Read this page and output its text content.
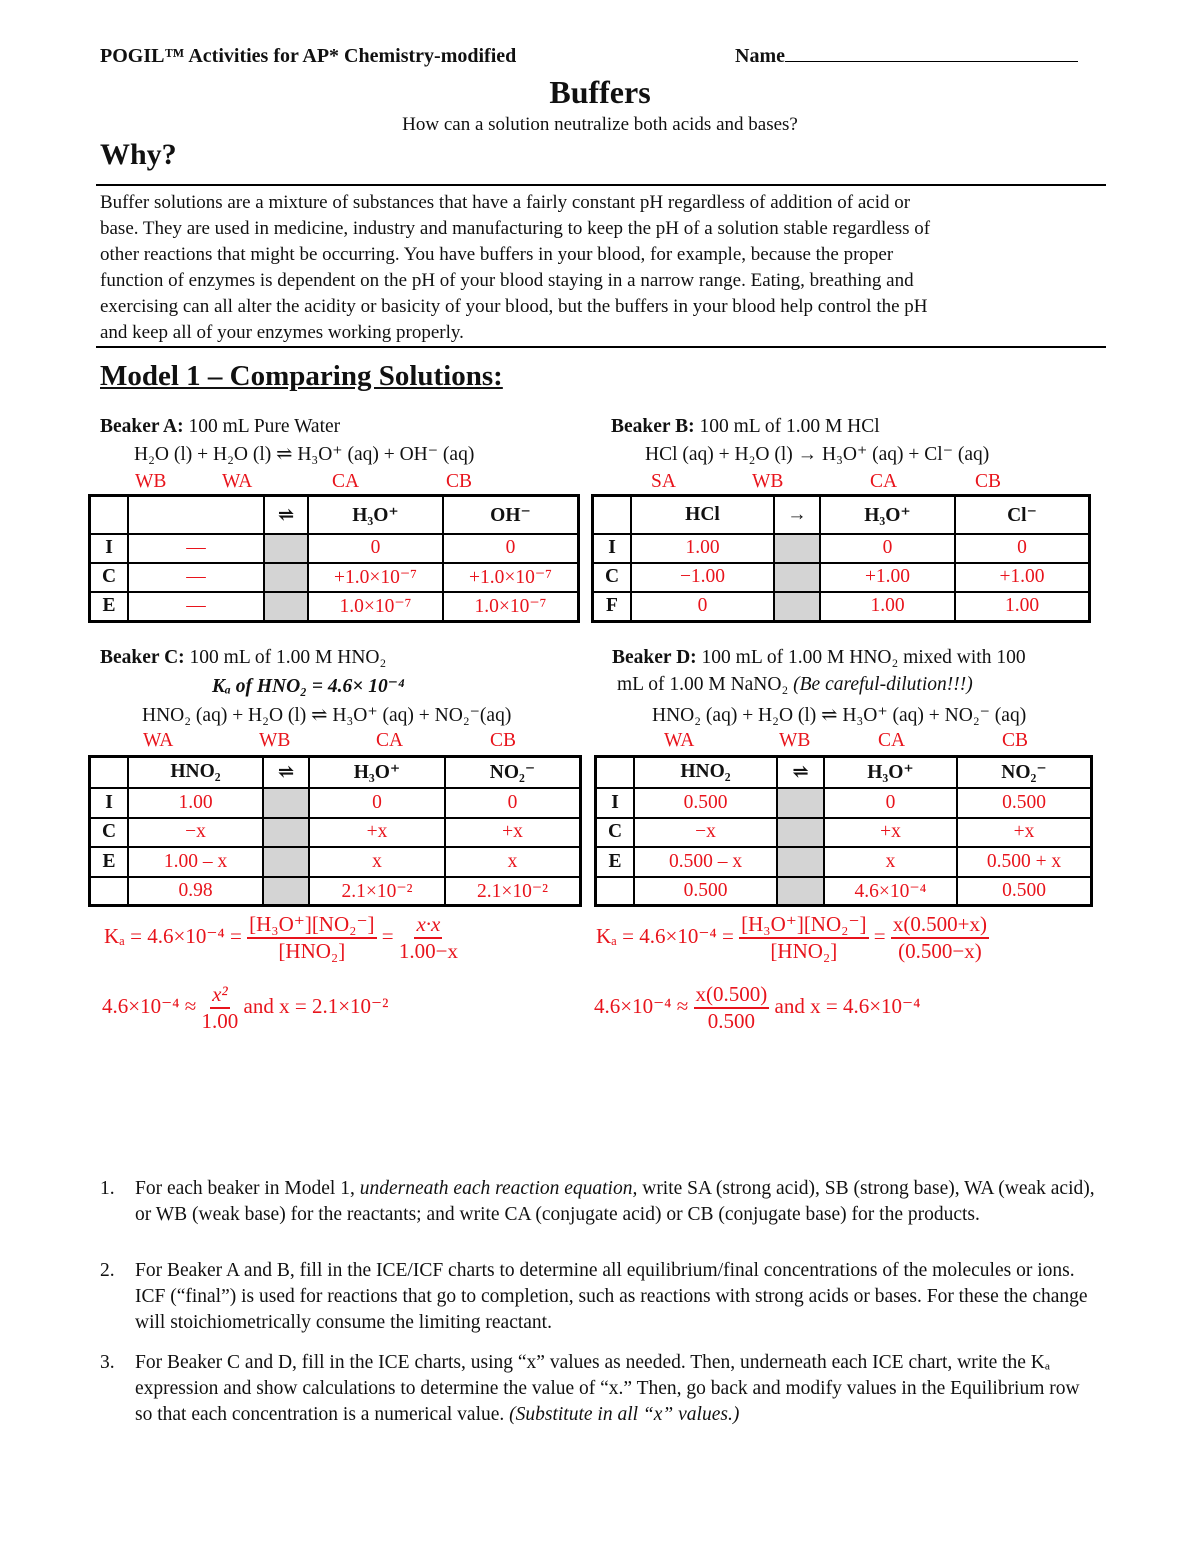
POGIL™ Activities for AP* Chemistry-modified	Name
Buffers
How can a solution neutralize both acids and bases?
Why?
Buffer solutions are a mixture of substances that have a fairly constant pH regardless of addition of acid or
base. They are used in medicine, industry and manufacturing to keep the pH of a solution stable regardless of
other reactions that might be occurring. You have buffers in your blood, for example, because the proper
function of enzymes is dependent on the pH of your blood staying in a narrow range. Eating, breathing and
exercising can all alter the acidity or basicity of your blood, but the buffers in your blood help control the pH
and keep all of your enzymes working properly.
Model 1 – Comparing Solutions:
Beaker A: 100 mL Pure Water
H₂O (l) + H₂O (l) ⇌ H₃O⁺ (aq) + OH⁻ (aq)
WB	WA	CA	CB
		⇌	H₃O⁺	OH⁻
I	—		0	0
C	—		+1.0×10⁻⁷	+1.0×10⁻⁷
E	—		1.0×10⁻⁷	1.0×10⁻⁷
Beaker B: 100 mL of 1.00 M HCl
HCl (aq) + H₂O (l) → H₃O⁺ (aq) + Cl⁻ (aq)
SA	WB	CA	CB
	HCl	→	H₃O⁺	Cl⁻
I	1.00		0	0
C	−1.00		+1.00	+1.00
F	0		1.00	1.00
Beaker C: 100 mL of 1.00 M HNO₂
Kₐ of HNO₂ = 4.6× 10⁻⁴
HNO₂ (aq) + H₂O (l) ⇌ H₃O⁺ (aq) + NO₂⁻(aq)
WA	WB	CA	CB
	HNO₂	⇌	H₃O⁺	NO₂⁻
I	1.00		0	0
C	−x		+x	+x
E	1.00 – x		x	x
	0.98		2.1×10⁻²	2.1×10⁻²
Beaker D: 100 mL of 1.00 M HNO₂ mixed with 100
mL of 1.00 M NaNO₂ (Be careful-dilution!!!)
HNO₂ (aq) + H₂O (l) ⇌ H₃O⁺ (aq) + NO₂⁻ (aq)
WA	WB	CA	CB
	HNO₂	⇌	H₃O⁺	NO₂⁻
I	0.500		0	0.500
C	−x		+x	+x
E	0.500 – x		x	0.500 + x
	0.500		4.6×10⁻⁴	0.500
$K_a = 4.6\times 10^{-4} = \frac{\text{[H₃O⁺][NO₂⁻]}}{\text{[HNO₂]}} = \frac{x\cdot x}{1.00-x}$
$4.6\times 10^{-4} \approx \frac{\text{x²}}{1.00}$ and x = 2.1×10⁻²
$K_a = 4.6\times 10^{-4} = \frac{\text{[H₃O⁺][NO₂⁻]}}{\text{[HNO₂]}} = \frac{x(0.500+x)}{(0.500-x)}$
$4.6\times 10^{-4} \approx \frac{x(0.500)}{0.500}$ and x = 4.6×10⁻⁴
1.	For each beaker in Model 1, underneath each reaction equation, write SA (strong acid), SB (strong base), WA (weak acid), or WB (weak base) for the reactants; and write CA (conjugate acid) or CB (conjugate base) for the products.
2.	For Beaker A and B, fill in the ICE/ICF charts to determine all equilibrium/final concentrations of the molecules or ions. ICF (“final”) is used for reactions that go to completion, such as reactions with strong acids or bases. For these the change will stoichiometrically consume the limiting reactant.
3.	For Beaker C and D, fill in the ICE charts, using “x” values as needed. Then, underneath each ICE chart, write the Kₐ expression and show calculations to determine the value of “x.” Then, go back and modify values in the Equilibrium row so that each concentration is a numerical value. (Substitute in all “x” values.)
